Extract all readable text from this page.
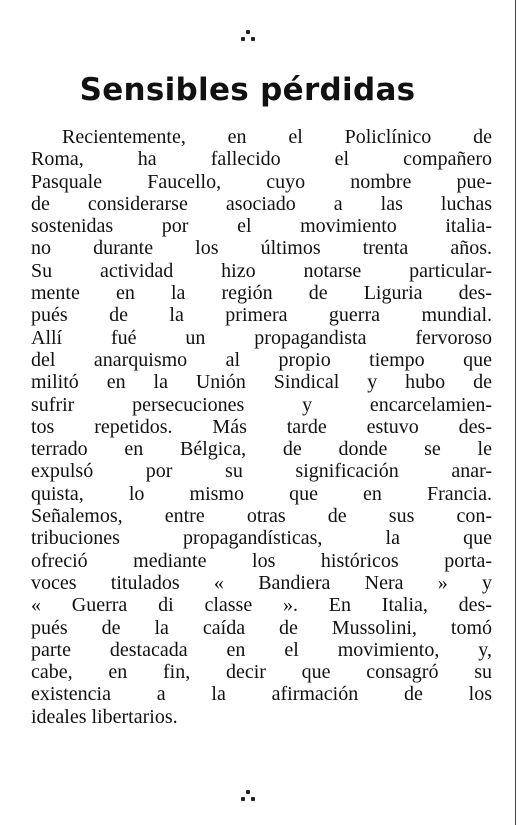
Sensibles pérdidas
Recientemente, en el Policlínico de
Roma, ha fallecido el compañero
Pasquale Faucello, cuyo nombre pue-
de considerarse asociado a las luchas
sostenidas por el movimiento italia-
no durante los últimos trenta años.
Su actividad hizo notarse particular-
mente en la región de Liguria des-
pués de la primera guerra mundial.
Allí fué un propagandista fervoroso
del anarquismo al propio tiempo que
militó en la Unión Sindical y hubo de
sufrir persecuciones y encarcelamien-
tos repetidos. Más tarde estuvo des-
terrado en Bélgica, de donde se le
expulsó por su significación anar-
quista, lo mismo que en Francia.
Señalemos, entre otras de sus con-
tribuciones propagandísticas, la que
ofreció mediante los históricos porta-
voces titulados « Bandiera Nera » y
« Guerra di classe ». En Italia, des-
pués de la caída de Mussolini, tomó
parte destacada en el movimiento, y,
cabe, en fin, decir que consagró su
existencia a la afirmación de los
ideales libertarios.
